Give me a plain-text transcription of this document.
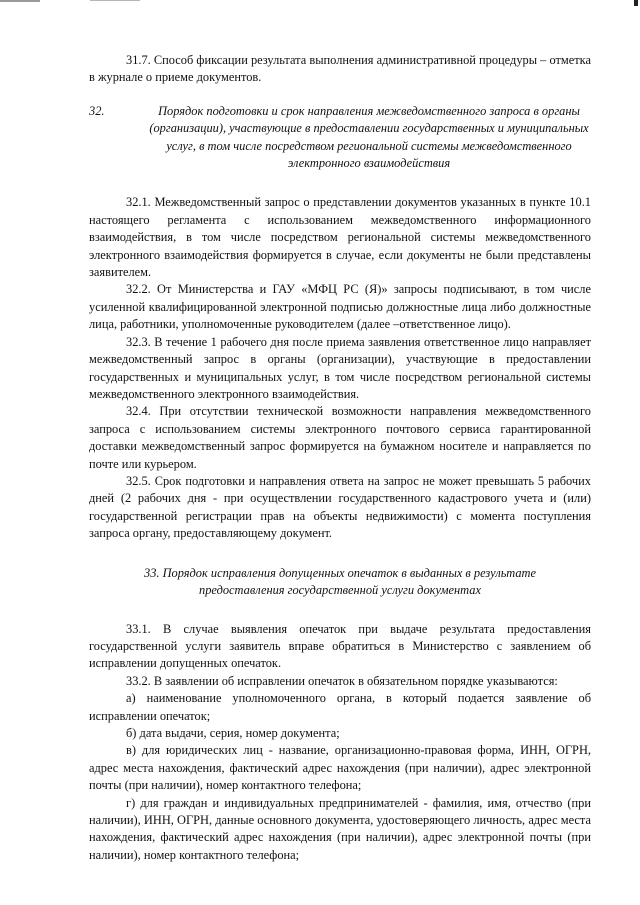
31.7. Способ фиксации результата выполнения административной процедуры – отметка в журнале о приеме документов.

32.	Порядок подготовки и срок направления межведомственного запроса в органы (организации), участвующие в предоставлении государственных и муниципальных услуг, в том числе посредством региональной системы межведомственного электронного взаимодействия

32.1. Межведомственный запрос о представлении документов указанных в пункте 10.1 настоящего регламента с использованием межведомственного информационного взаимодействия, в том числе посредством региональной системы межведомственного электронного взаимодействия формируется в случае, если документы не были представлены заявителем.

32.2. От Министерства и ГАУ «МФЦ РС (Я)» запросы подписывают, в том числе усиленной квалифицированной электронной подписью должностные лица либо должностные лица, работники, уполномоченные руководителем (далее –ответственное лицо).

32.3. В течение 1 рабочего дня после приема заявления ответственное лицо направляет межведомственный запрос в органы (организации), участвующие в предоставлении государственных и муниципальных услуг, в том числе посредством региональной системы межведомственного электронного взаимодействия.

32.4. При отсутствии технической возможности направления межведомственного запроса с использованием системы электронного почтового сервиса гарантированной доставки межведомственный запрос формируется на бумажном носителе и направляется по почте или курьером.

32.5. Срок подготовки и направления ответа на запрос не может превышать 5 рабочих дней (2 рабочих дня - при осуществлении государственного кадастрового учета и (или) государственной регистрации прав на объекты недвижимости) с момента поступления запроса органу, предоставляющему документ.

33. Порядок исправления допущенных опечаток в выданных в результате предоставления государственной услуги документах

33.1. В случае выявления опечаток при выдаче результата предоставления государственной услуги заявитель вправе обратиться в Министерство с заявлением об исправлении допущенных опечаток.

33.2. В заявлении об исправлении опечаток в обязательном порядке указываются:

а) наименование уполномоченного органа, в который подается заявление об исправлении опечаток;

б) дата выдачи, серия, номер документа;

в) для юридических лиц - название, организационно-правовая форма, ИНН, ОГРН, адрес места нахождения, фактический адрес нахождения (при наличии), адрес электронной почты (при наличии), номер контактного телефона;

г) для граждан и индивидуальных предпринимателей - фамилия, имя, отчество (при наличии), ИНН, ОГРН, данные основного документа, удостоверяющего личность, адрес места нахождения, фактический адрес нахождения (при наличии), адрес электронной почты (при наличии), номер контактного телефона;
